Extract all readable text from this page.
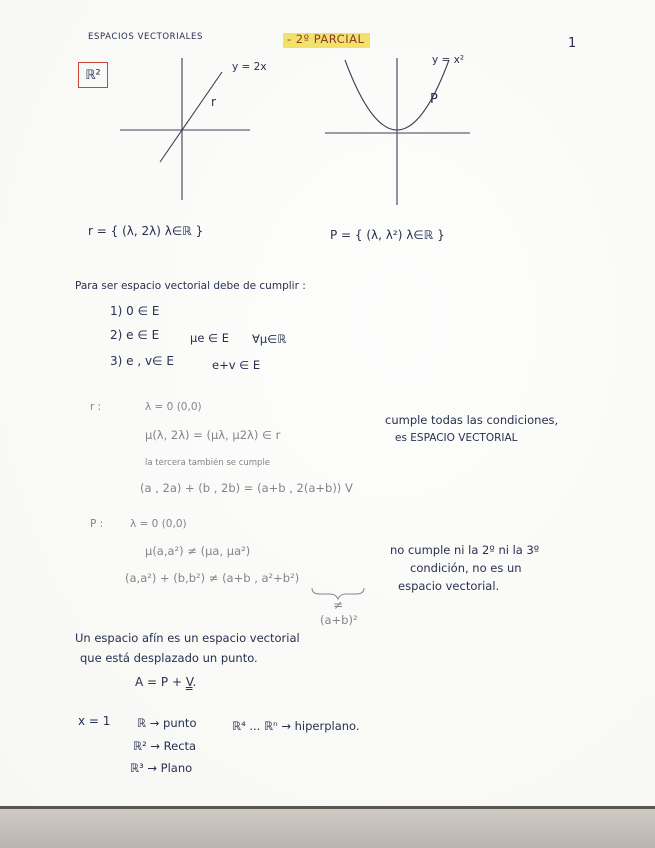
ESPACIOS VECTORIALES	- 2º PARCIAL	1
ℝ²
y = 2x
r
y = x²
P
r = { (λ, 2λ) λ∈ℝ }	P = { (λ, λ²) λ∈ℝ }
Para ser espacio vectorial debe de cumplir :
1) 0 ∈ E
2) e ∈ E	μe ∈ E ∀μ∈ℝ
3) e , v∈ E	e+v ∈ E
r :	λ = 0 (0,0)
μ(λ, 2λ) = (μλ, μ2λ) ∈ r
la tercera también se cumple
(a , 2a) + (b , 2b) = (a+b , 2(a+b)) V
cumple todas las condiciones,
es ESPACIO VECTORIAL
P :	λ = 0 (0,0)
μ(a,a²) ≠ (μa, μa²)
(a,a²) + (b,b²) ≠ (a+b , a²+b²)
≠
(a+b)²
no cumple ni la 2º ni la 3º
condición, no es un
espacio vectorial.
Un espacio afín es un espacio vectorial
que está desplazado un punto.
A = P + V.
x = 1 ℝ → punto	ℝ⁴ ... ℝⁿ → hiperplano.
ℝ² → Recta
ℝ³ → Plano
